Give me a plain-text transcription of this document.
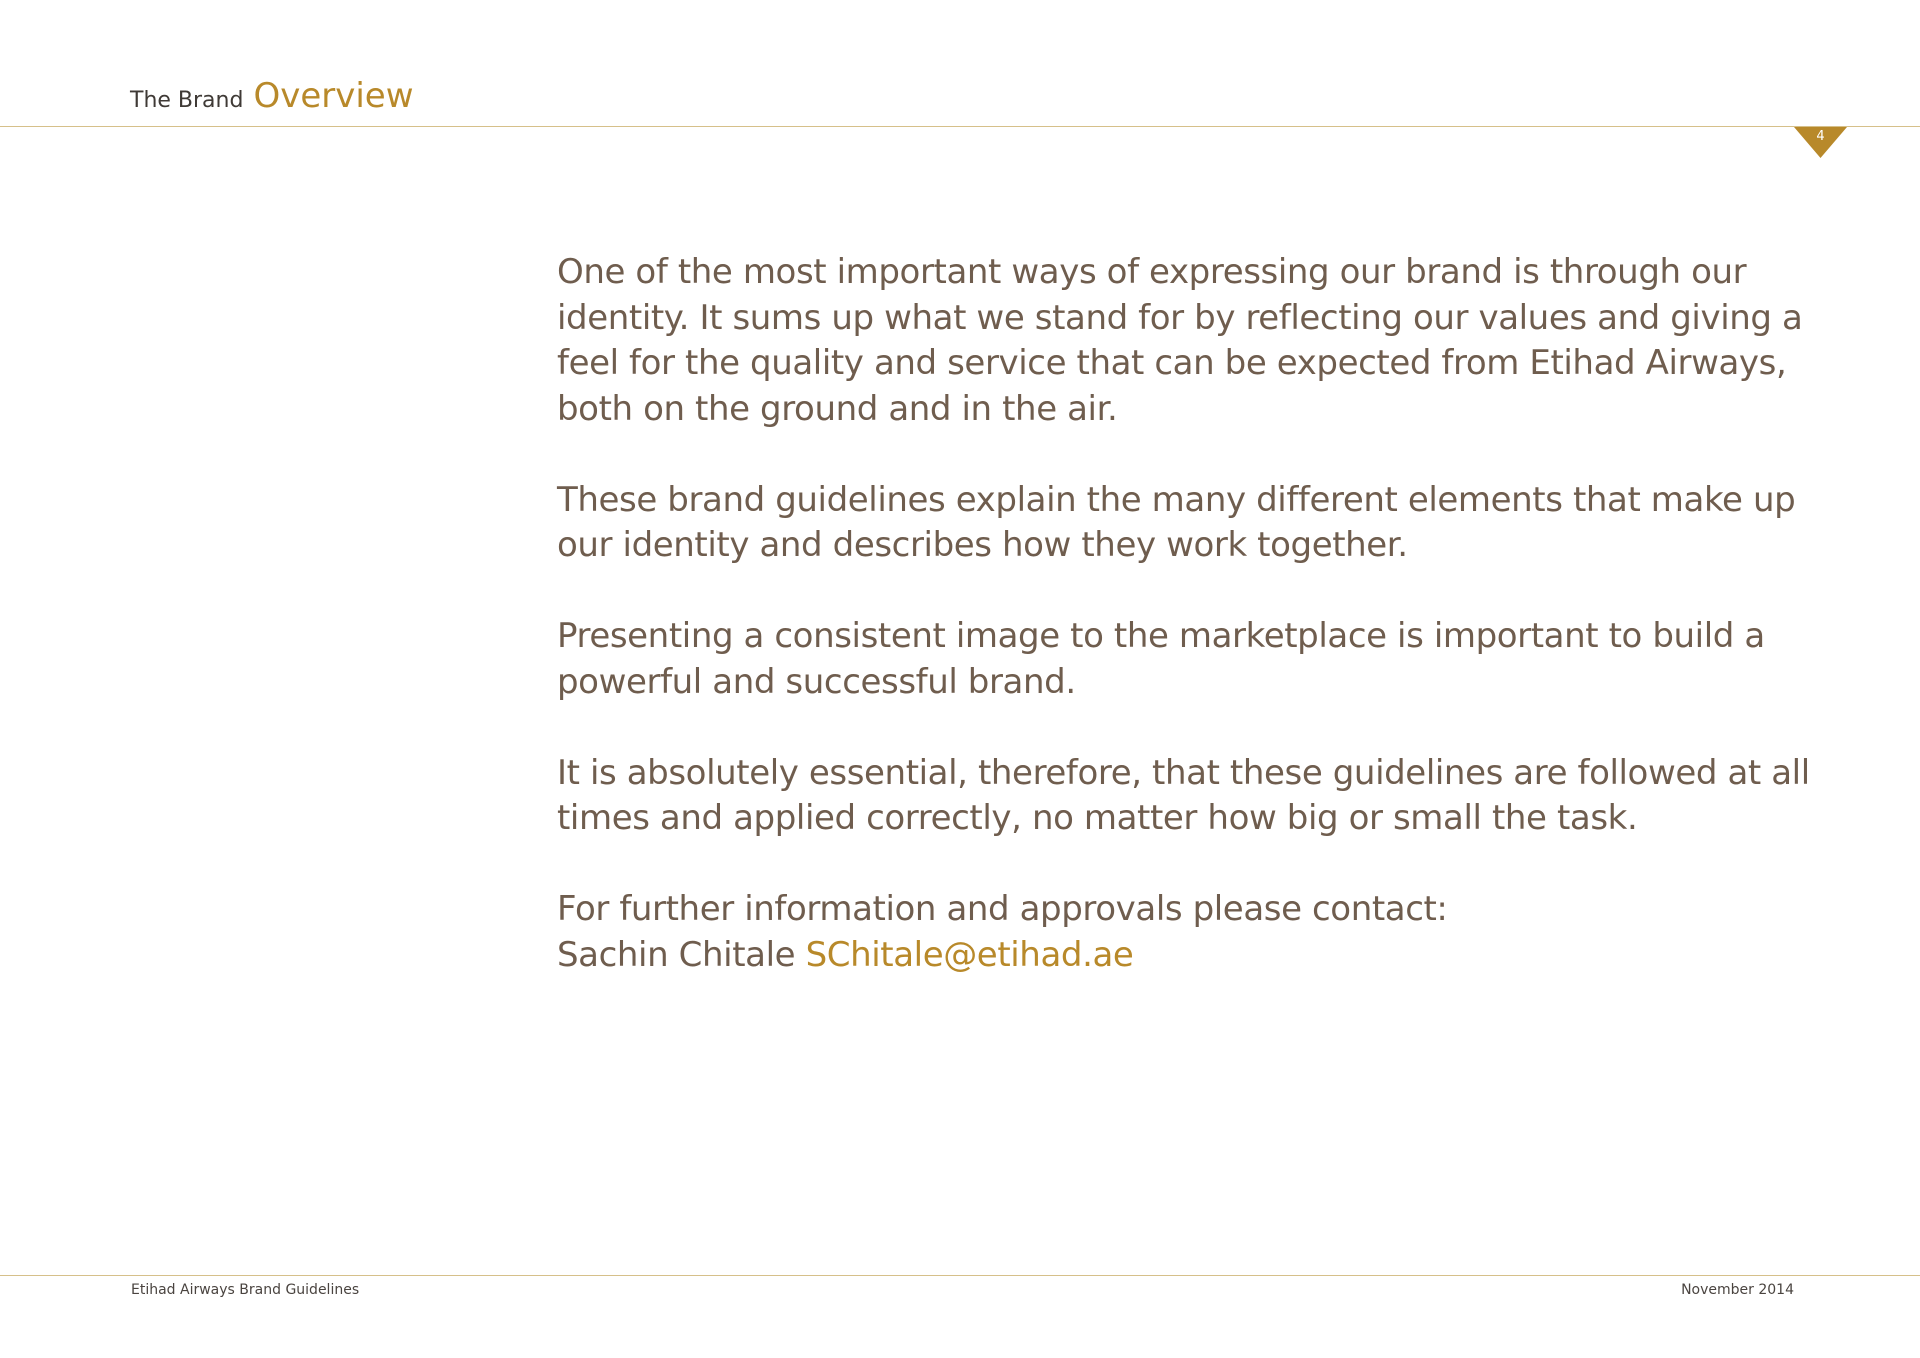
The Brand Overview
4

One of the most important ways of expressing our brand is through our identity. It sums up what we stand for by reflecting our values and giving a feel for the quality and service that can be expected from Etihad Airways, both on the ground and in the air.

These brand guidelines explain the many different elements that make up our identity and describes how they work together.

Presenting a consistent image to the marketplace is important to build a powerful and successful brand.

It is absolutely essential, therefore, that these guidelines are followed at all times and applied correctly, no matter how big or small the task.

For further information and approvals please contact:
Sachin Chitale SChitale@etihad.ae

Etihad Airways Brand Guidelines	November 2014
